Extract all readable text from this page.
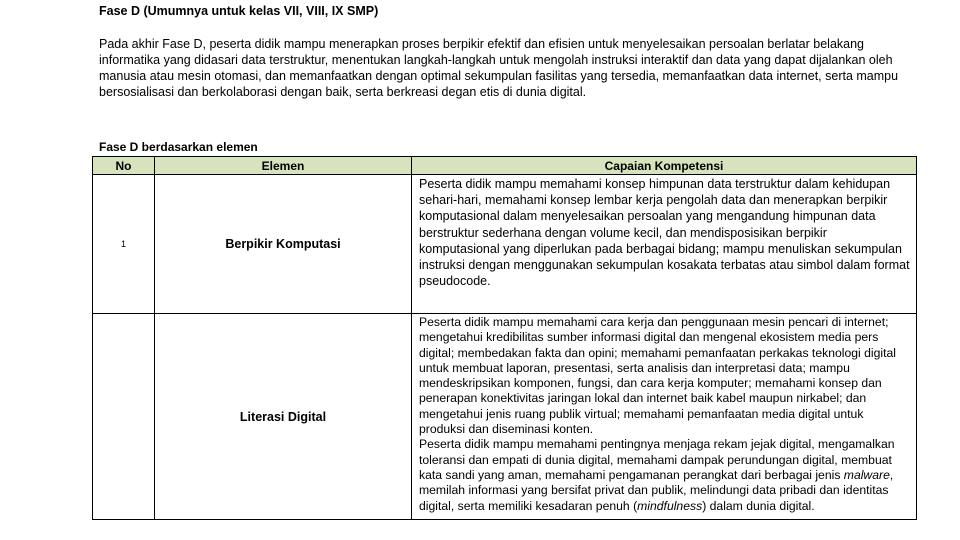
Fase D (Umumnya untuk kelas VII, VIII, IX SMP)

Pada akhir Fase D, peserta didik mampu menerapkan proses berpikir efektif dan efisien untuk menyelesaikan persoalan berlatar belakang informatika yang didasari data terstruktur, menentukan langkah-langkah untuk mengolah instruksi interaktif dan data yang dapat dijalankan oleh manusia atau mesin otomasi, dan memanfaatkan dengan optimal sekumpulan fasilitas yang tersedia, memanfaatkan data internet, serta mampu bersosialisasi dan berkolaborasi dengan baik, serta berkreasi degan etis di dunia digital.

Fase D berdasarkan elemen
No	Elemen	Capaian Kompetensi
1	Berpikir Komputasi	Peserta didik mampu memahami konsep himpunan data terstruktur dalam kehidupan sehari-hari, memahami konsep lembar kerja pengolah data dan menerapkan berpikir komputasional dalam menyelesaikan persoalan yang mengandung himpunan data berstruktur sederhana dengan volume kecil, dan mendisposisikan berpikir komputasional yang diperlukan pada berbagai bidang; mampu menuliskan sekumpulan instruksi dengan menggunakan sekumpulan kosakata terbatas atau simbol dalam format pseudocode.

	Literasi Digital	Peserta didik mampu memahami cara kerja dan penggunaan mesin pencari di internet; mengetahui kredibilitas sumber informasi digital dan mengenal ekosistem media pers digital; membedakan fakta dan opini; memahami pemanfaatan perkakas teknologi digital untuk membuat laporan, presentasi, serta analisis dan interpretasi data; mampu mendeskripsikan komponen, fungsi, dan cara kerja komputer; memahami konsep dan penerapan konektivitas jaringan lokal dan internet baik kabel maupun nirkabel; dan mengetahui jenis ruang publik virtual; memahami pemanfaatan media digital untuk produksi dan diseminasi konten.

Peserta didik mampu memahami pentingnya menjaga rekam jejak digital, mengamalkan toleransi dan empati di dunia digital, memahami dampak perundungan digital, membuat kata sandi yang aman, memahami pengamanan perangkat dari berbagai jenis malware, memilah informasi yang bersifat privat dan publik, melindungi data pribadi dan identitas digital, serta memiliki kesadaran penuh (mindfulness) dalam dunia digital.
